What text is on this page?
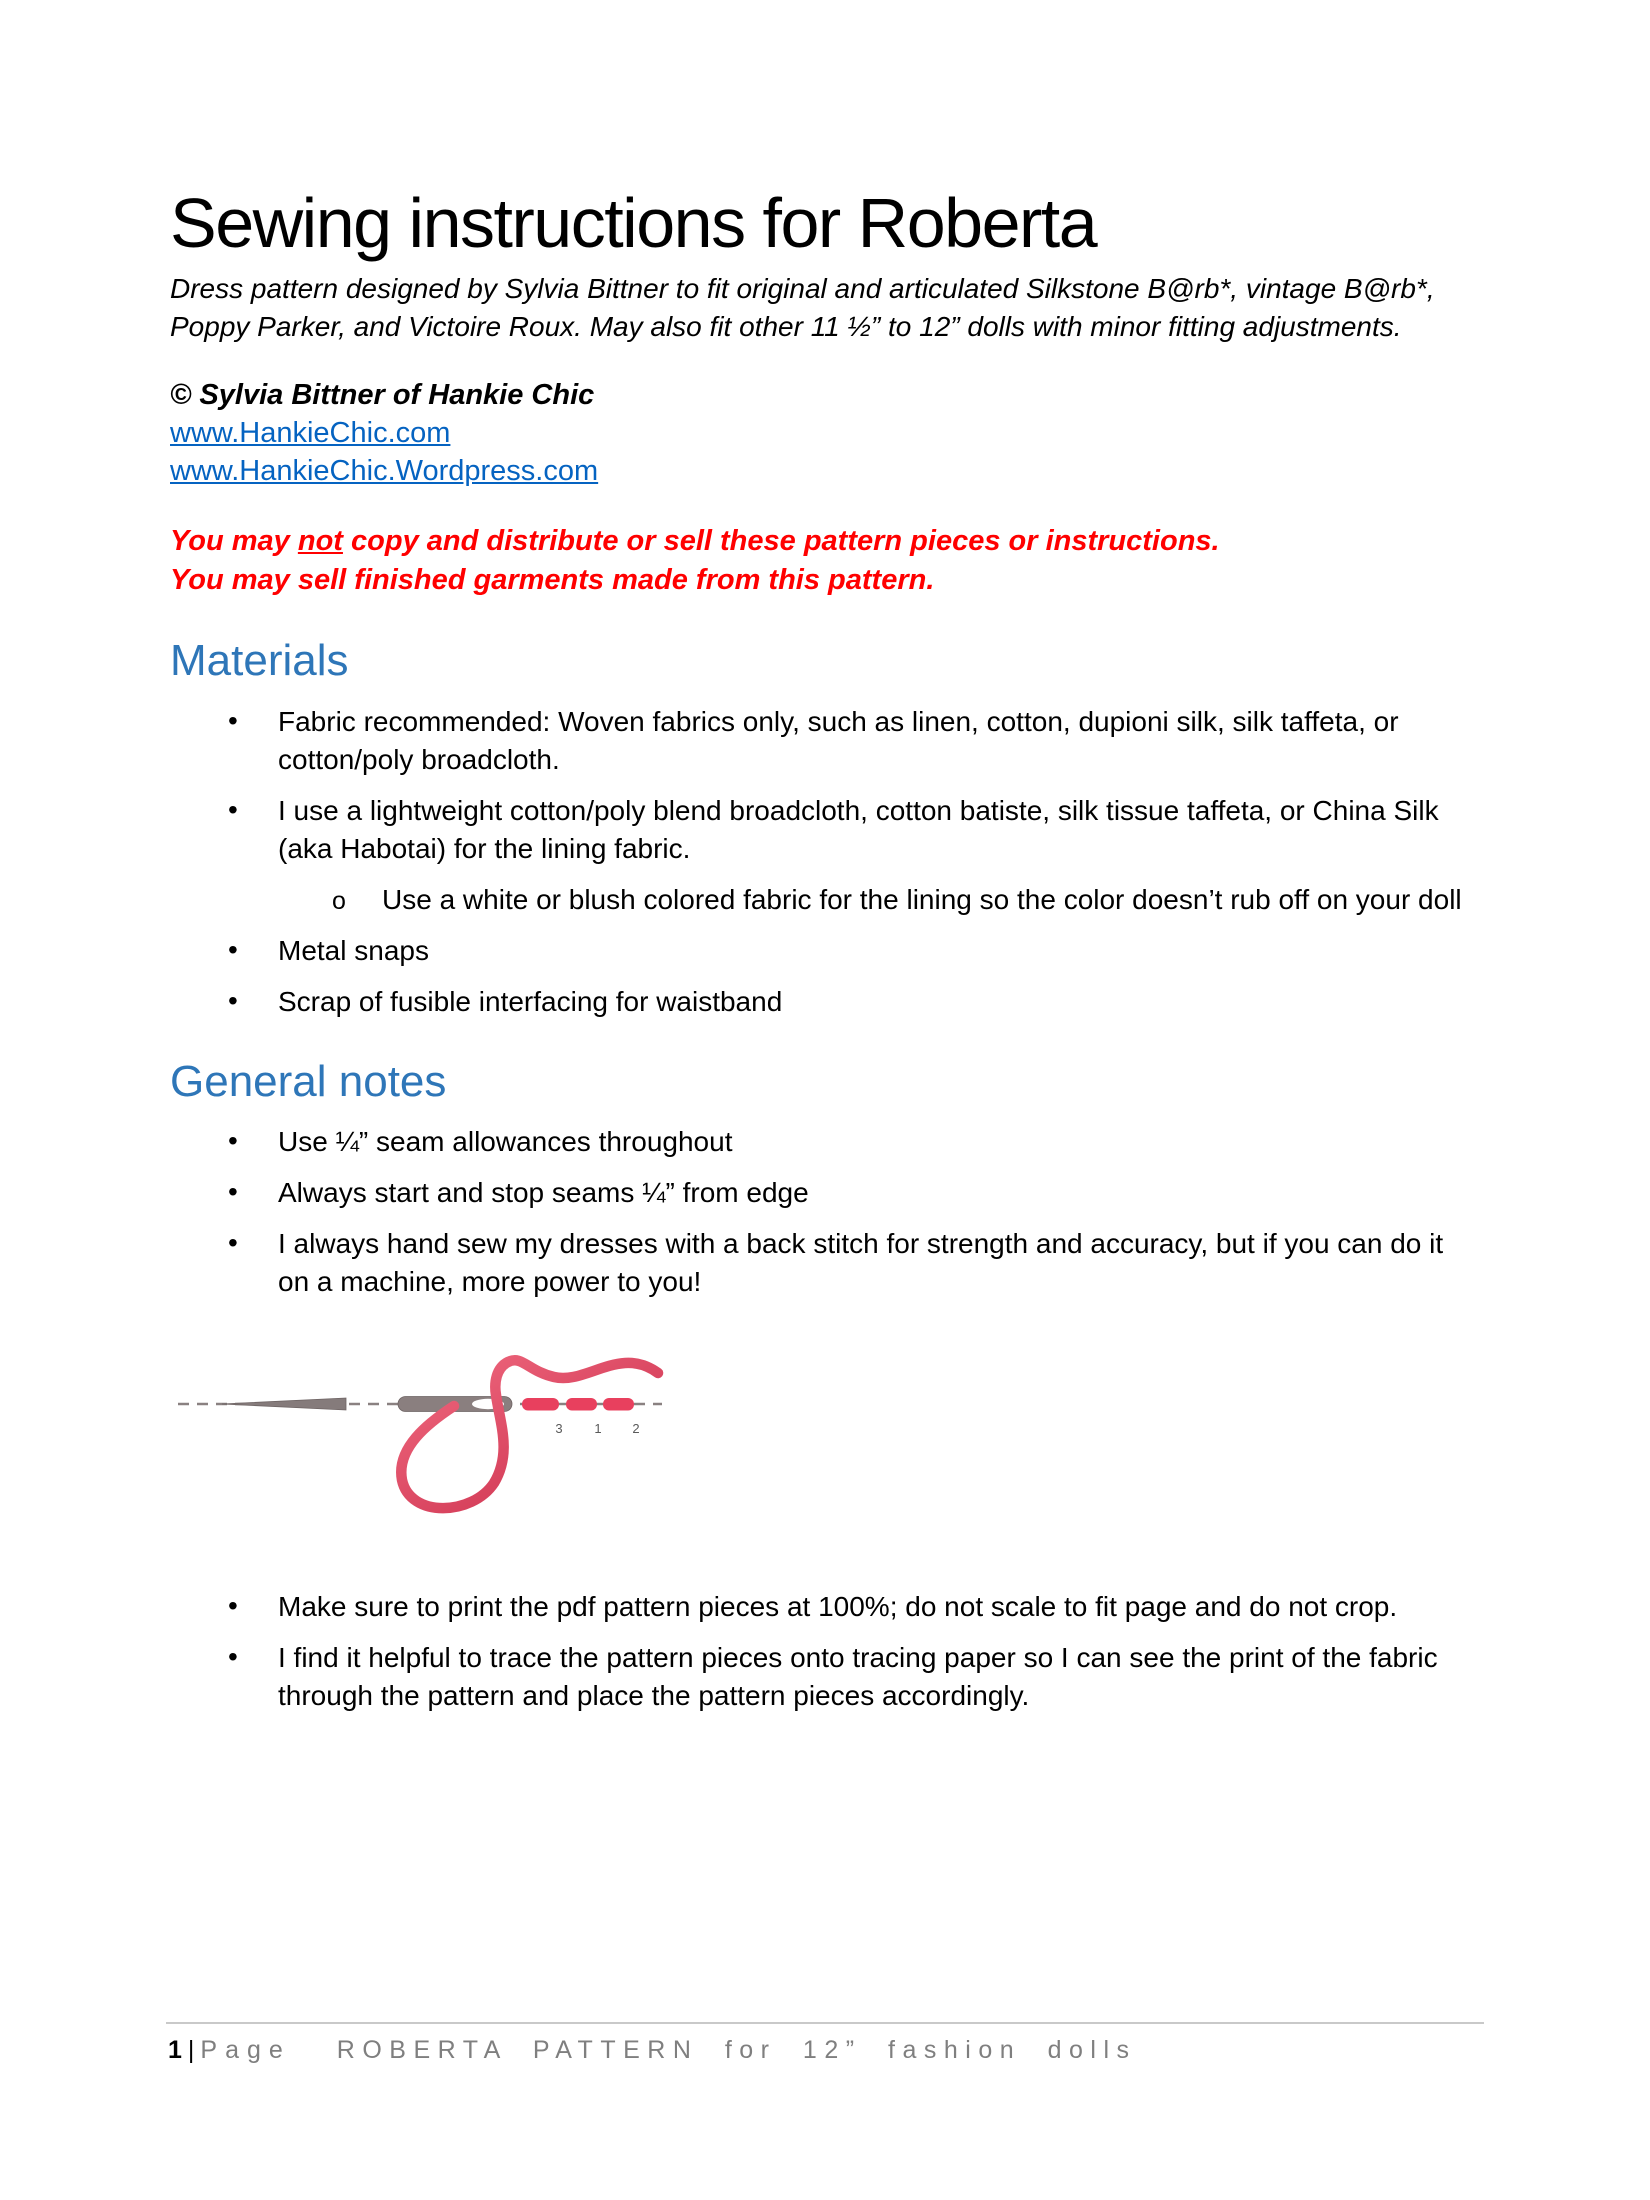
Sewing instructions for Roberta

Dress pattern designed by Sylvia Bittner to fit original and articulated Silkstone B@rb*, vintage B@rb*, Poppy Parker, and Victoire Roux. May also fit other 11 ½” to 12” dolls with minor fitting adjustments.

© Sylvia Bittner of Hankie Chic

www.HankieChic.com
www.HankieChic.Wordpress.com

You may not copy and distribute or sell these pattern pieces or instructions.
You may sell finished garments made from this pattern.

Materials
• Fabric recommended: Woven fabrics only, such as linen, cotton, dupioni silk, silk taffeta, or cotton/poly broadcloth.
• I use a lightweight cotton/poly blend broadcloth, cotton batiste, silk tissue taffeta, or China Silk (aka Habotai) for the lining fabric.
o Use a white or blush colored fabric for the lining so the color doesn’t rub off on your doll
• Metal snaps
• Scrap of fusible interfacing for waistband
General notes
• Use ¼” seam allowances throughout
• Always start and stop seams ¼” from edge
• I always hand sew my dresses with a back stitch for strength and accuracy, but if you can do it on a machine, more power to you!
3 1 2
• Make sure to print the pdf pattern pieces at 100%; do not scale to fit page and do not crop.
• I find it helpful to trace the pattern pieces onto tracing paper so I can see the print of the fabric through the pattern and place the pattern pieces accordingly.
1 | Page ROBERTA PATTERN for 12” fashion dolls
